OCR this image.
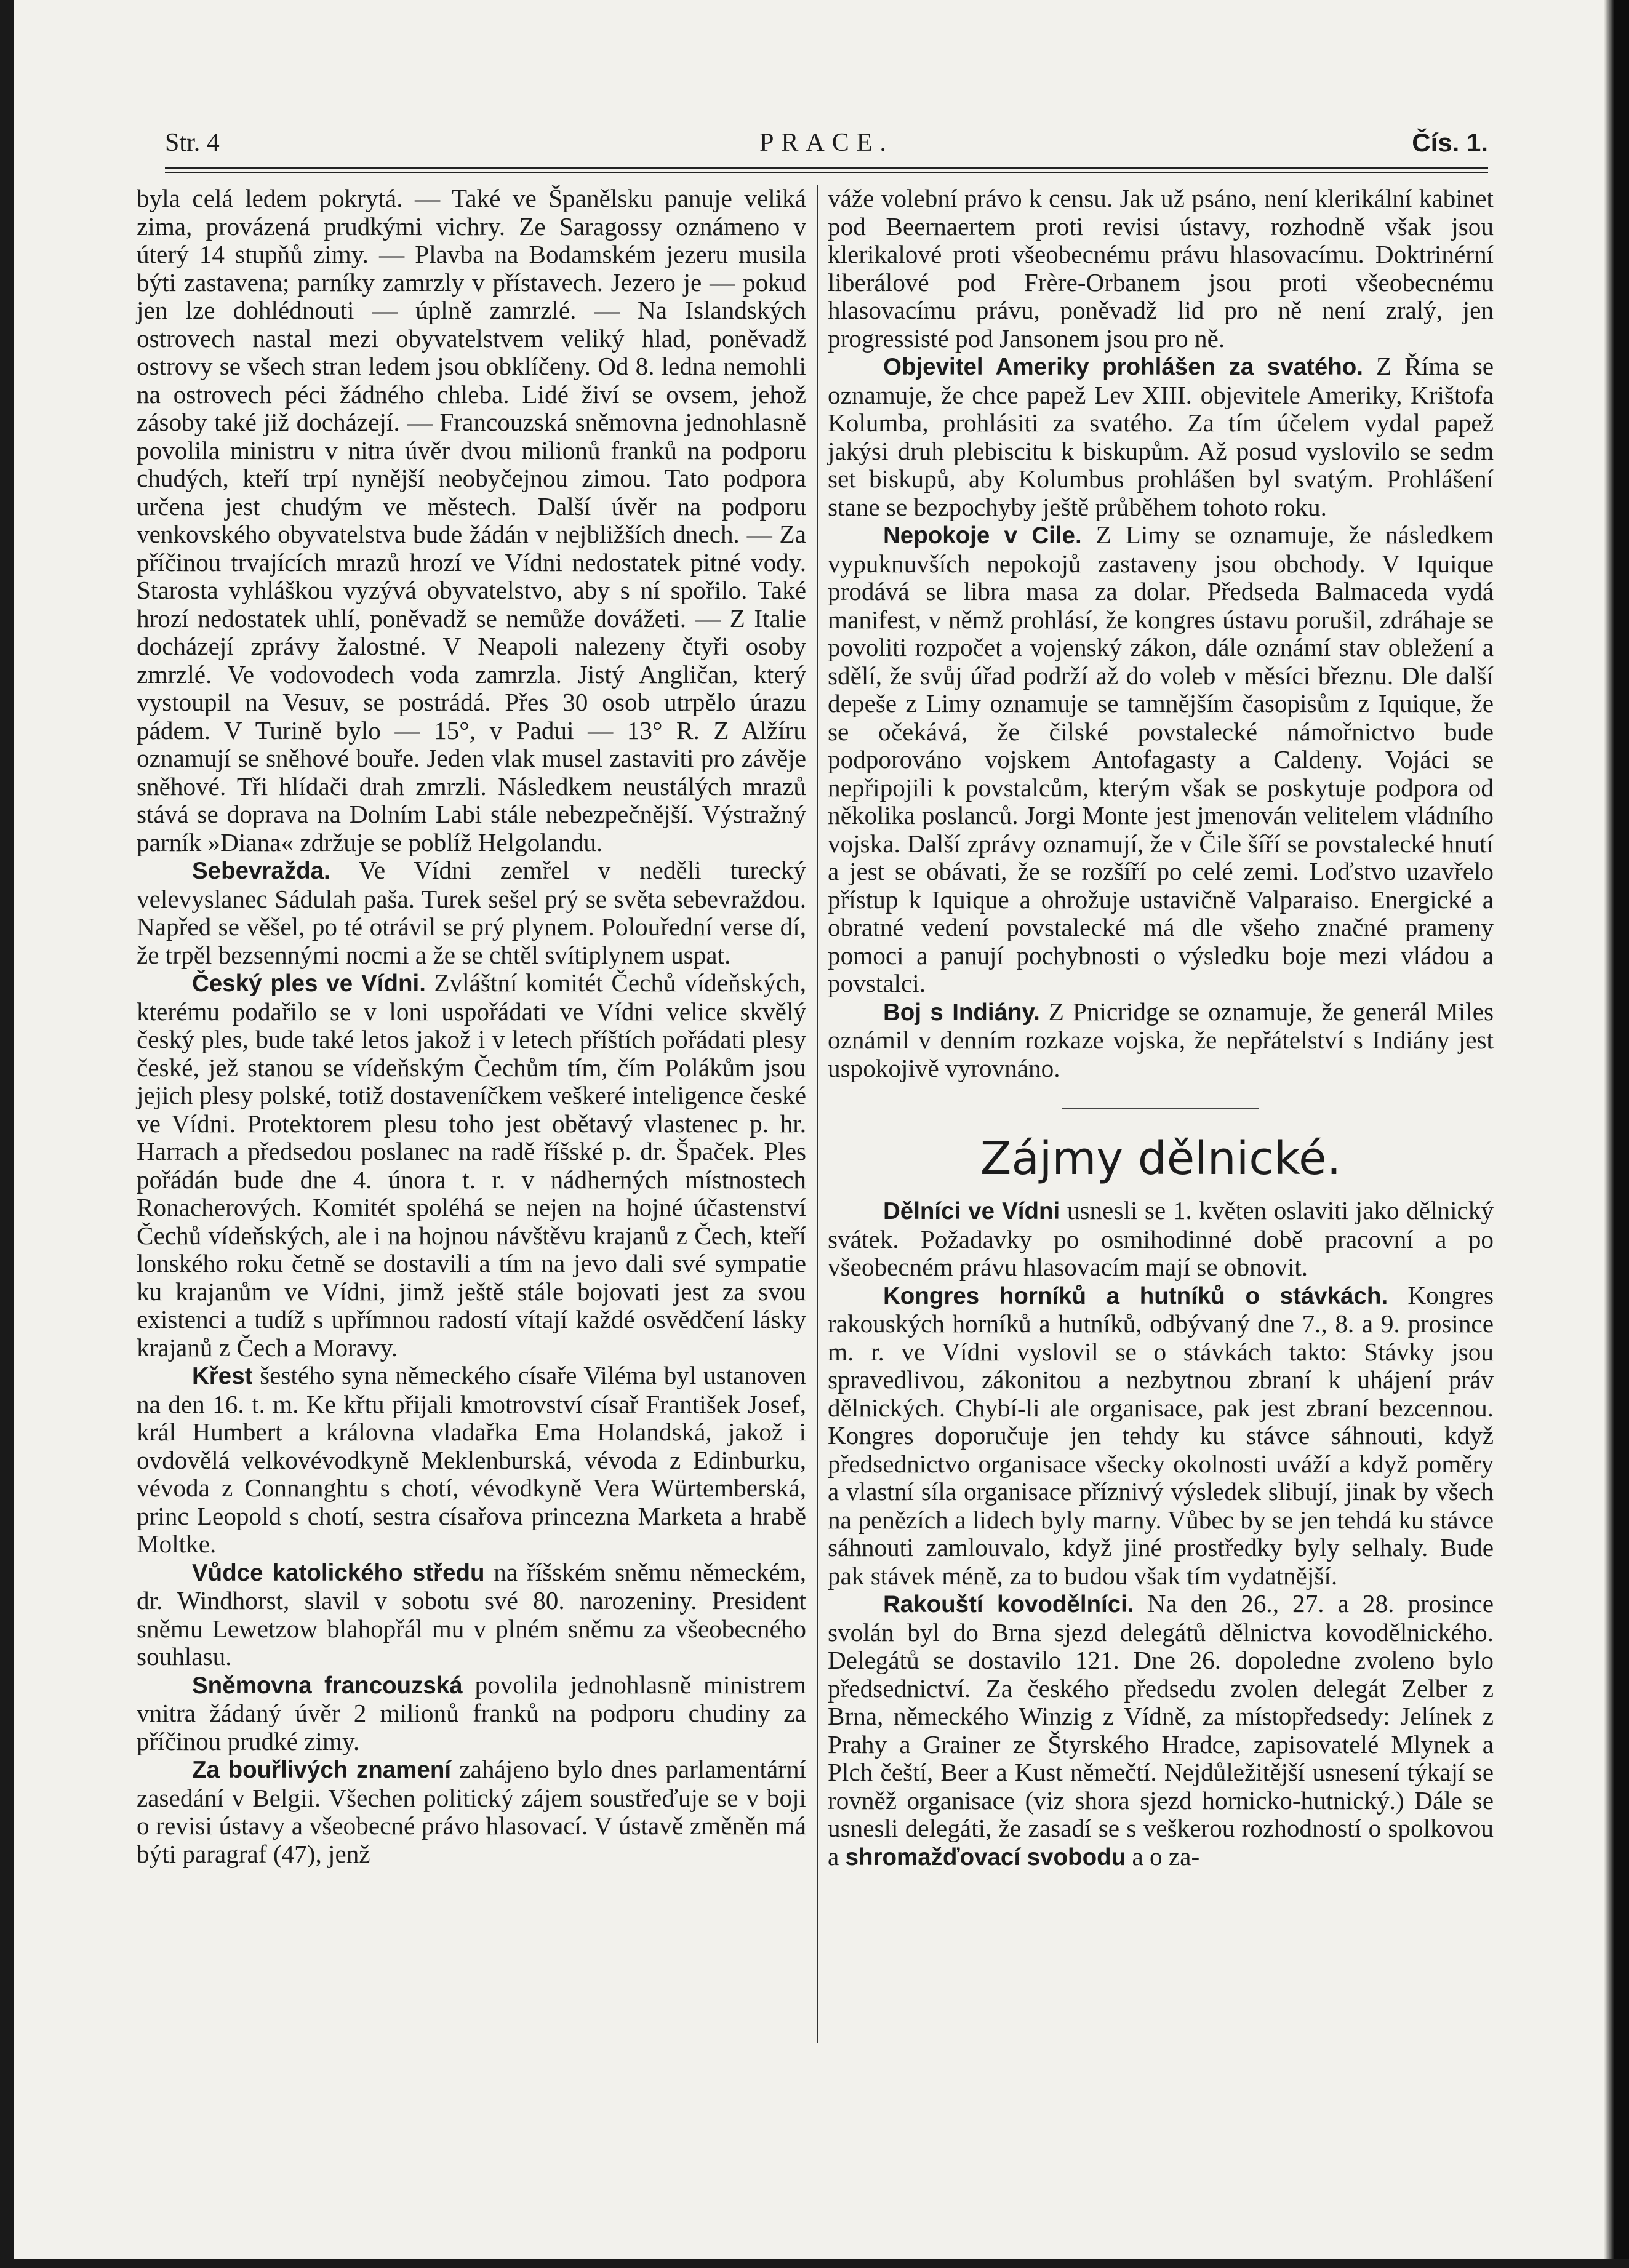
PRACE.
Str. 4	Čís. 1.

byla celá ledem pokrytá. — Také ve Španělsku panuje veliká zima, provázená prudkými vichry. Ze Saragossy oznámeno v úterý 14 stupňů zimy. — Plavba na Bodamském jezeru musila býti zastavena; parníky zamrzly v přístavech. Jezero je — pokud jen lze dohlédnouti — úplně zamrzlé. — Na Islandských ostrovech nastal mezi obyvatelstvem veliký hlad, poněvadž ostrovy se všech stran ledem jsou obklíčeny. Od 8. ledna nemohli na ostrovech péci žádného chleba. Lidé živí se ovsem, jehož zásoby také již docházejí. — Francouzská sněmovna jednohlasně povolila ministru v nitra úvěr dvou milionů franků na podporu chudých, kteří trpí nynější neobyčejnou zimou. Tato podpora určena jest chudým ve městech. Další úvěr na podporu venkovského obyvatelstva bude žádán v nejbližších dnech. — Za příčinou trvajících mrazů hrozí ve Vídni nedostatek pitné vody. Starosta vyhláškou vyzývá obyvatelstvo, aby s ní spořilo. Také hrozí nedostatek uhlí, poněvadž se nemůže dovážeti. — Z Italie docházejí zprávy žalostné. V Neapoli nalezeny čtyři osoby zmrzlé. Ve vodovodech voda zamrzla. Jistý Angličan, který vystoupil na Vesuv, se postrádá. Přes 30 osob utrpělo úrazu pádem. V Turině bylo — 15°, v Padui — 13° R. Z Alžíru oznamují se sněhové bouře. Jeden vlak musel zastaviti pro závěje sněhové. Tři hlídači drah zmrzli. Následkem neustálých mrazů stává se doprava na Dolním Labi stále nebezpečnější. Výstražný parník »Diana« zdržuje se poblíž Helgolandu.

Sebevražda. Ve Vídni zemřel v neděli turecký velevyslanec Sádulah paša. Turek sešel prý se světa sebevraždou. Napřed se věšel, po té otrávil se prý plynem. Polouřední verse dí, že trpěl bezsennými nocmi a že se chtěl svítiplynem uspat.

Český ples ve Vídni. Zvláštní komitét Čechů vídeňských, kterému podařilo se v loni uspořádati ve Vídni velice skvělý český ples, bude také letos jakož i v letech příštích pořádati plesy české, jež stanou se vídeňským Čechům tím, čím Polákům jsou jejich plesy polské, totiž dostaveníčkem veškeré inteligence české ve Vídni. Protektorem plesu toho jest obětavý vlastenec p. hr. Harrach a předsedou poslanec na radě říšské p. dr. Špaček. Ples pořádán bude dne 4. února t. r. v nádherných místnostech Ronacherových. Komitét spoléhá se nejen na hojné účastenství Čechů vídeňských, ale i na hojnou návštěvu krajanů z Čech, kteří lonského roku četně se dostavili a tím na jevo dali své sympatie ku krajanům ve Vídni, jimž ještě stále bojovati jest za svou existenci a tudíž s upřímnou radostí vítají každé osvědčení lásky krajanů z Čech a Moravy.

Křest šestého syna německého císaře Viléma byl ustanoven na den 16. t. m. Ke křtu přijali kmotrovství císař František Josef, král Humbert a královna vladařka Ema Holandská, jakož i ovdovělá velkovévodkyně Meklenburská, vévoda z Edinburku, vévoda z Connanghtu s chotí, vévodkyně Vera Würtemberská, princ Leopold s chotí, sestra císařova princezna Marketa a hrabě Moltke.

Vůdce katolického středu na říšském sněmu německém, dr. Windhorst, slavil v sobotu své 80. narozeniny. President sněmu Lewetzow blahopřál mu v plném sněmu za všeobecného souhlasu.

Sněmovna francouzská povolila jednohlasně ministrem vnitra žádaný úvěr 2 milionů franků na podporu chudiny za příčinou prudké zimy.

Za bouřlivých znamení zahájeno bylo dnes parlamentární zasedání v Belgii. Všechen politický zájem soustřeďuje se v boji o revisi ústavy a všeobecné právo hlasovací. V ústavě změněn má býti paragraf (47), jenž

váže volební právo k censu. Jak už psáno, není klerikální kabinet pod Beernaertem proti revisi ústavy, rozhodně však jsou klerikalové proti všeobecnému právu hlasovacímu. Doktrinérní liberálové pod Frère-Orbanem jsou proti všeobecnému hlasovacímu právu, poněvadž lid pro ně není zralý, jen progressisté pod Jansonem jsou pro ně.

Objevitel Ameriky prohlášen za svatého. Z Říma se oznamuje, že chce papež Lev XIII. objevitele Ameriky, Krištofa Kolumba, prohlásiti za svatého. Za tím účelem vydal papež jakýsi druh plebiscitu k biskupům. Až posud vyslovilo se sedm set biskupů, aby Kolumbus prohlášen byl svatým. Prohlášení stane se bezpochyby ještě průběhem tohoto roku.

Nepokoje v Cile. Z Limy se oznamuje, že následkem vypuknuvších nepokojů zastaveny jsou obchody. V Iquique prodává se libra masa za dolar. Předseda Balmaceda vydá manifest, v němž prohlásí, že kongres ústavu porušil, zdráhaje se povoliti rozpočet a vojenský zákon, dále oznámí stav obležení a sdělí, že svůj úřad podrží až do voleb v měsíci březnu. Dle další depeše z Limy oznamuje se tamnějším časopisům z Iquique, že se očekává, že čilské povstalecké námořnictvo bude podporováno vojskem Antofagasty a Caldeny. Vojáci se nepřipojili k povstalcům, kterým však se poskytuje podpora od několika poslanců. Jorgi Monte jest jmenován velitelem vládního vojska. Další zprávy oznamují, že v Čile šíří se povstalecké hnutí a jest se obávati, že se rozšíří po celé zemi. Loďstvo uzavřelo přístup k Iquique a ohrožuje ustavičně Valparaiso. Energické a obratné vedení povstalecké má dle všeho značné prameny pomoci a panují pochybnosti o výsledku boje mezi vládou a povstalci.

Boj s Indiány. Z Pnicridge se oznamuje, že generál Miles oznámil v denním rozkaze vojska, že nepřátelství s Indiány jest uspokojivě vyrovnáno.

Zájmy dělnické.

Dělníci ve Vídni usnesli se 1. květen oslaviti jako dělnický svátek. Požadavky po osmihodinné době pracovní a po všeobecném právu hlasovacím mají se obnovit.

Kongres horníků a hutníků o stávkách. Kongres rakouských horníků a hutníků, odbývaný dne 7., 8. a 9. prosince m. r. ve Vídni vyslovil se o stávkách takto: Stávky jsou spravedlivou, zákonitou a nezbytnou zbraní k uhájení práv dělnických. Chybí-li ale organisace, pak jest zbraní bezcennou. Kongres doporučuje jen tehdy ku stávce sáhnouti, když předsednictvo organisace všecky okolnosti uváží a když poměry a vlastní síla organisace příznivý výsledek slibují, jinak by všech na penězích a lidech byly marny. Vůbec by se jen tehdá ku stávce sáhnouti zamlouvalo, když jiné prostředky byly selhaly. Bude pak stávek méně, za to budou však tím vydatnější.

Rakouští kovodělníci. Na den 26., 27. a 28. prosince svolán byl do Brna sjezd delegátů dělnictva kovodělnického. Delegátů se dostavilo 121. Dne 26. dopoledne zvoleno bylo předsednictví. Za českého předsedu zvolen delegát Zelber z Brna, německého Winzig z Vídně, za místopředsedy: Jelínek z Prahy a Grainer ze Štyrského Hradce, zapisovatelé Mlynek a Plch čeští, Beer a Kust němečtí. Nejdůležitější usnesení týkají se rovněž organisace (viz shora sjezd hornicko-hutnický.) Dále se usnesli delegáti, že zasadí se s veškerou rozhodností o spolkovou a shromažďovací svobodu a o za-
